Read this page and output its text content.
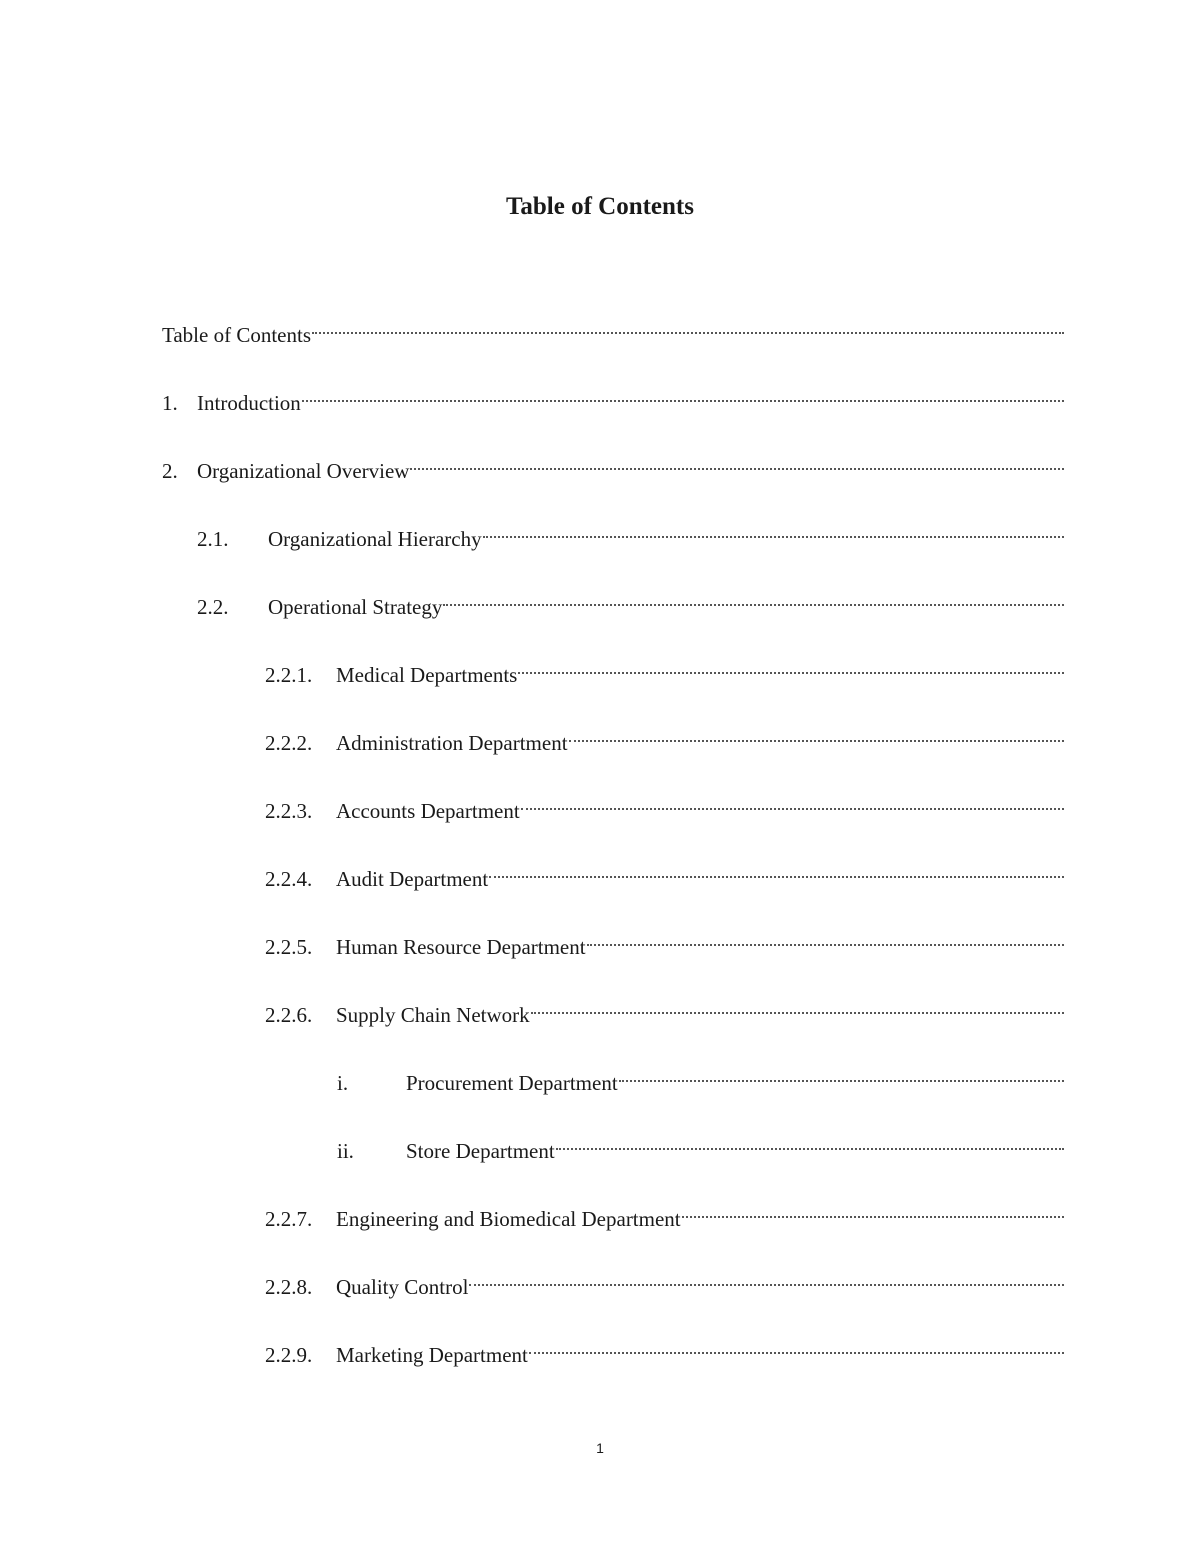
Table of Contents
Table of Contents
1. Introduction
2. Organizational Overview
2.1.	Organizational Hierarchy
2.2.	Operational Strategy
2.2.1.	Medical Departments
2.2.2.	Administration Department
2.2.3.	Accounts Department
2.2.4.	Audit Department
2.2.5.	Human Resource Department
2.2.6.	Supply Chain Network
i.	Procurement Department
ii.	Store Department
2.2.7.	Engineering and Biomedical Department
2.2.8.	Quality Control
2.2.9.	Marketing Department

1
